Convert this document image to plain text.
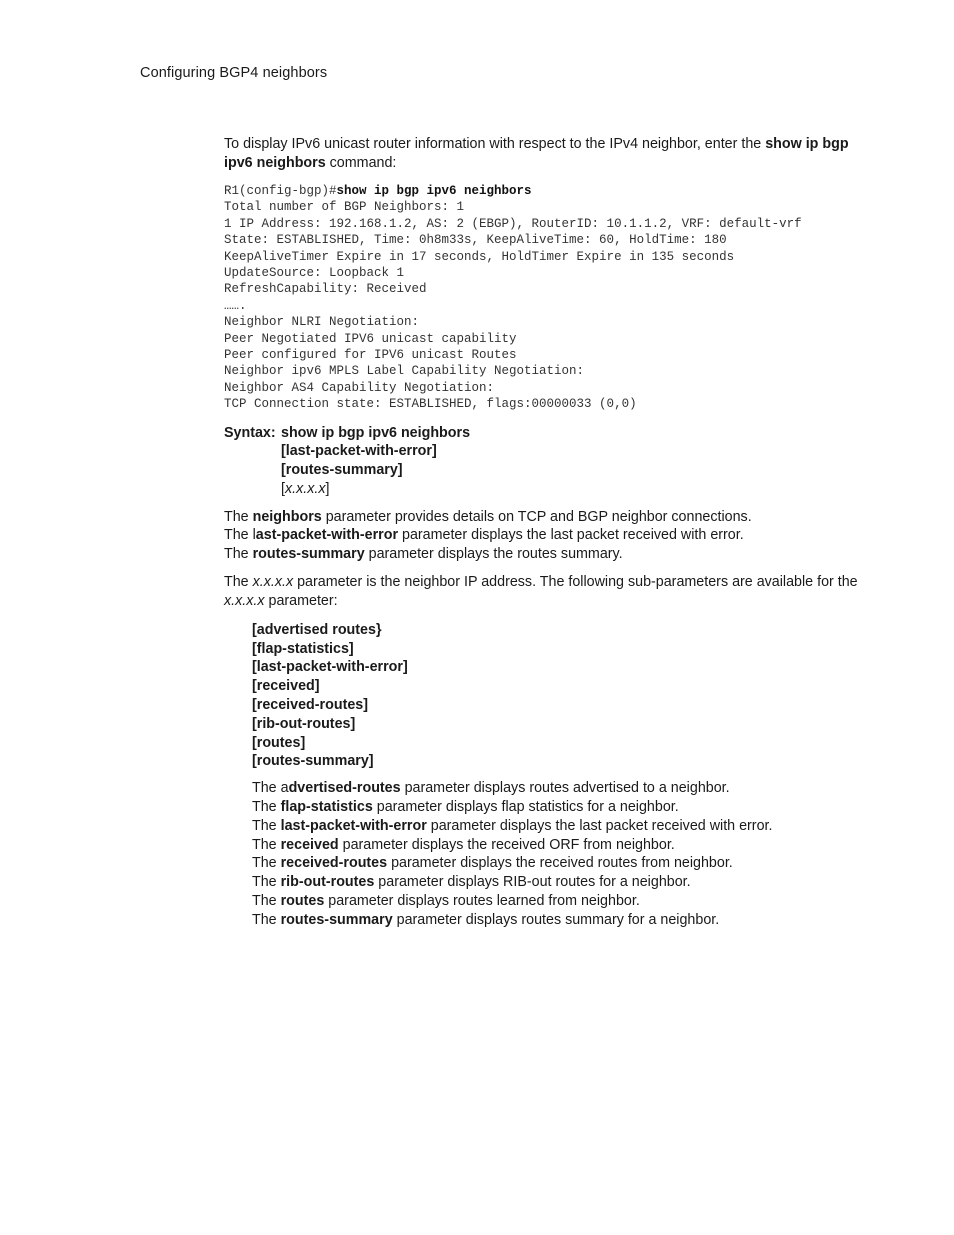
Configuring BGP4 neighbors

To display IPv6 unicast router information with respect to the IPv4 neighbor, enter the show ip bgp ipv6 neighbors command:

R1(config-bgp)#show ip bgp ipv6 neighbors
Total number of BGP Neighbors: 1
1 IP Address: 192.168.1.2, AS: 2 (EBGP), RouterID: 10.1.1.2, VRF: default-vrf
State: ESTABLISHED, Time: 0h8m33s, KeepAliveTime: 60, HoldTime: 180
KeepAliveTimer Expire in 17 seconds, HoldTimer Expire in 135 seconds
UpdateSource: Loopback 1
RefreshCapability: Received
…….
Neighbor NLRI Negotiation:
Peer Negotiated IPV6 unicast capability
Peer configured for IPV6 unicast Routes
Neighbor ipv6 MPLS Label Capability Negotiation:
Neighbor AS4 Capability Negotiation:
TCP Connection state: ESTABLISHED, flags:00000033 (0,0)
Syntax: show ip bgp ipv6 neighbors
[last-packet-with-error]
[routes-summary]
[x.x.x.x]

The neighbors parameter provides details on TCP and BGP neighbor connections.

The last-packet-with-error parameter displays the last packet received with error.

The routes-summary parameter displays the routes summary.

The x.x.x.x parameter is the neighbor IP address. The following sub-parameters are available for the x.x.x.x parameter:

[advertised routes}
[flap-statistics]
[last-packet-with-error]
[received]
[received-routes]
[rib-out-routes]
[routes]
[routes-summary]

The advertised-routes parameter displays routes advertised to a neighbor.

The flap-statistics parameter displays flap statistics for a neighbor.

The last-packet-with-error parameter displays the last packet received with error.

The received parameter displays the received ORF from neighbor.

The received-routes parameter displays the received routes from neighbor.

The rib-out-routes parameter displays RIB-out routes for a neighbor.

The routes parameter displays routes learned from neighbor.

The routes-summary parameter displays routes summary for a neighbor.
